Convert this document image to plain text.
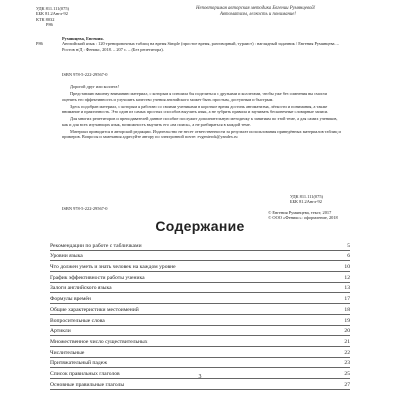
УДК 811.111(075)
ББК 81.2Англ-92
КТК 8032
Р86
Неповторимая авторская методика Евгении Румянцевой!
Автоматизм, легкость и понимание!
Румянцева, Евгения.
Р86	Английский язык : 120 тренировочных таблиц на время Simple (простое время, разговорный, тураист) : наглядный задачник / Евгения Румянцева. – Ростов н/Д : Феникс, 2018. – 207 с. – (Без репетитора).
ISBN 978-5-222-29567-0

Дорогой друг или коллега!

Представляю вашему вниманию материал, с которым я спешила бы поделиться с друзьями и коллегами, чтобы уже без сомнения вы смогли оценить его эффективность и улучшить качество учения английского может быть простым, доступным и быстрым.

Здесь подобран материал, с которым я работаю со своими учениками в короткое время достичь автоматизма, лёгкости и понимания, а также внимание и практичность. Это один из самых простых способов выучить язык, а не зубрить правила и заучивать бесконечные словарные записи.

Для многих репетиторов и преподавателей данное пособие послужит дополнительную методичку к занятиям по этой теме, а для самих учеников, как и для всех изучающих язык, возможность выучить его «на поиск», а не разбираться в каждой теме.

Материал приводится в авторской редакции. Издательство не несет ответственности за результат использования приведённых материалов таблиц и примеров. Вопросы и замечания адресуйте автору по электронной почте: evgenierok@yandex.ru

УДК 811.111(075)
ББК 81.2Англ-92
ISBN 978-5-222-29567-0
© Евгения Румянцева, текст, 2017
© ООО «Феникс»: оформление, 2018
Содержание
Рекомендации по работе с табличками	5
Уровни языка	6
Что должен уметь и знать человек на каждом уровне	10
График эффективности работы ученика	12
Залоги английского языка	13
Формулы времён	17
Общие характеристики местоимений	18
Вопросительные слова	19
Артикли	20
Множественное число существительных	21
Числительные	22
Притяжательный падеж	23
Список правильных глаголов	25
Основные правильные глаголы	27
3
